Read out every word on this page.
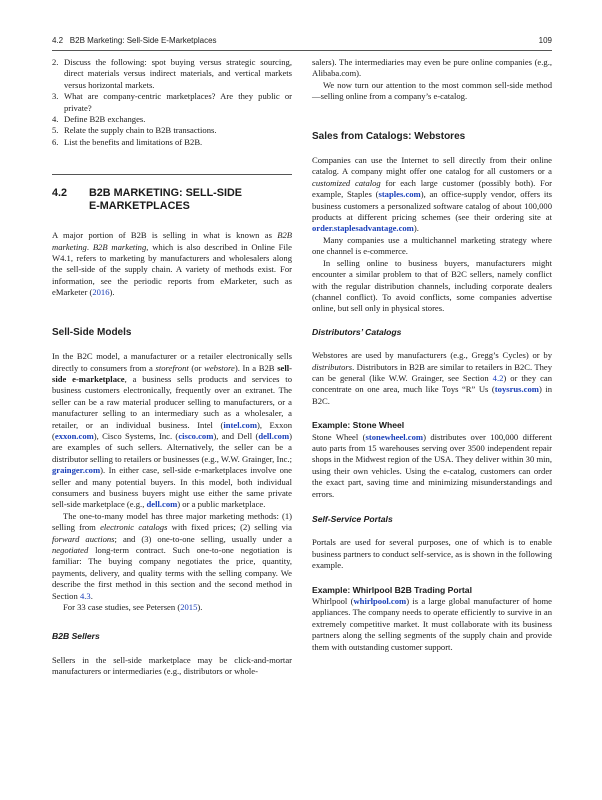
4.2 B2B Marketing: Sell-Side E-Marketplaces	109
2. Discuss the following: spot buying versus strategic sourcing, direct materials versus indirect materials, and vertical markets versus horizontal markets.
3. What are company-centric marketplaces? Are they public or private?
4. Define B2B exchanges.
5. Relate the supply chain to B2B transactions.
6. List the benefits and limitations of B2B.
4.2	B2B MARKETING: SELL-SIDE
E-MARKETPLACES

A major portion of B2B is selling in what is known as B2B marketing. B2B marketing, which is also described in Online File W4.1, refers to marketing by manufacturers and wholesalers along the sell-side of the supply chain. A variety of methods exist. For information, see the periodic reports from eMarketer, such as eMarketer (2016).

Sell-Side Models

In the B2C model, a manufacturer or a retailer electronically sells directly to consumers from a storefront (or webstore). In a B2B sell-side e-marketplace, a business sells products and services to business customers electronically, frequently over an extranet. The seller can be a raw material producer selling to manufacturers, or a manufacturer selling to an intermediary such as a wholesaler, a retailer, or an individual business. Intel (intel.com), Exxon (exxon.com), Cisco Systems, Inc. (cisco.com), and Dell (dell.com) are examples of such sellers. Alternatively, the seller can be a distributor selling to retailers or businesses (e.g., W.W. Grainger, Inc.; grainger.com). In either case, sell-side e-marketplaces involve one seller and many potential buyers. In this model, both individual consumers and business buyers might use either the same private sell-side marketplace (e.g., dell.com) or a public marketplace.

The one-to-many model has three major marketing methods: (1) selling from electronic catalogs with fixed prices; (2) selling via forward auctions; and (3) one-to-one selling, usually under a negotiated long-term contract. Such one-to-one negotiation is familiar: The buying company negotiates the price, quantity, payments, delivery, and quality terms with the selling company. We describe the first method in this section and the second method in Section 4.3.

For 33 case studies, see Petersen (2015).

B2B Sellers

Sellers in the sell-side marketplace may be click-and-mortar manufacturers or intermediaries (e.g., distributors or whole-

salers). The intermediaries may even be pure online companies (e.g., Alibaba.com).

We now turn our attention to the most common sell-side method—selling online from a company’s e-catalog.

Sales from Catalogs: Webstores

Companies can use the Internet to sell directly from their online catalog. A company might offer one catalog for all customers or a customized catalog for each large customer (possibly both). For example, Staples (staples.com), an office-supply vendor, offers its business customers a personalized software catalog of about 100,000 products at different pricing schemes (see their ordering site at order.staplesadvantage.com).

Many companies use a multichannel marketing strategy where one channel is e-commerce.

In selling online to business buyers, manufacturers might encounter a similar problem to that of B2C sellers, namely conflict with the regular distribution channels, including corporate dealers (channel conflict). To avoid conflicts, some companies advertise online, but sell only in physical stores.

Distributors’ Catalogs

Webstores are used by manufacturers (e.g., Gregg’s Cycles) or by distributors. Distributors in B2B are similar to retailers in B2C. They can be general (like W.W. Grainger, see Section 4.2) or they can concentrate on one area, much like Toys “R” Us (toysrus.com) in B2C.

Example: Stone Wheel

Stone Wheel (stonewheel.com) distributes over 100,000 different auto parts from 15 warehouses serving over 3500 independent repair shops in the Midwest region of the USA. They deliver within 30 min, using their own vehicles. Using the e-catalog, customers can order the exact part, saving time and minimizing misunderstandings and errors.

Self-Service Portals

Portals are used for several purposes, one of which is to enable business partners to conduct self-service, as is shown in the following example.

Example: Whirlpool B2B Trading Portal

Whirlpool (whirlpool.com) is a large global manufacturer of home appliances. The company needs to operate efficiently to survive in an extremely competitive market. It must collaborate with its business partners along the selling segments of the supply chain and provide them with outstanding customer support.
